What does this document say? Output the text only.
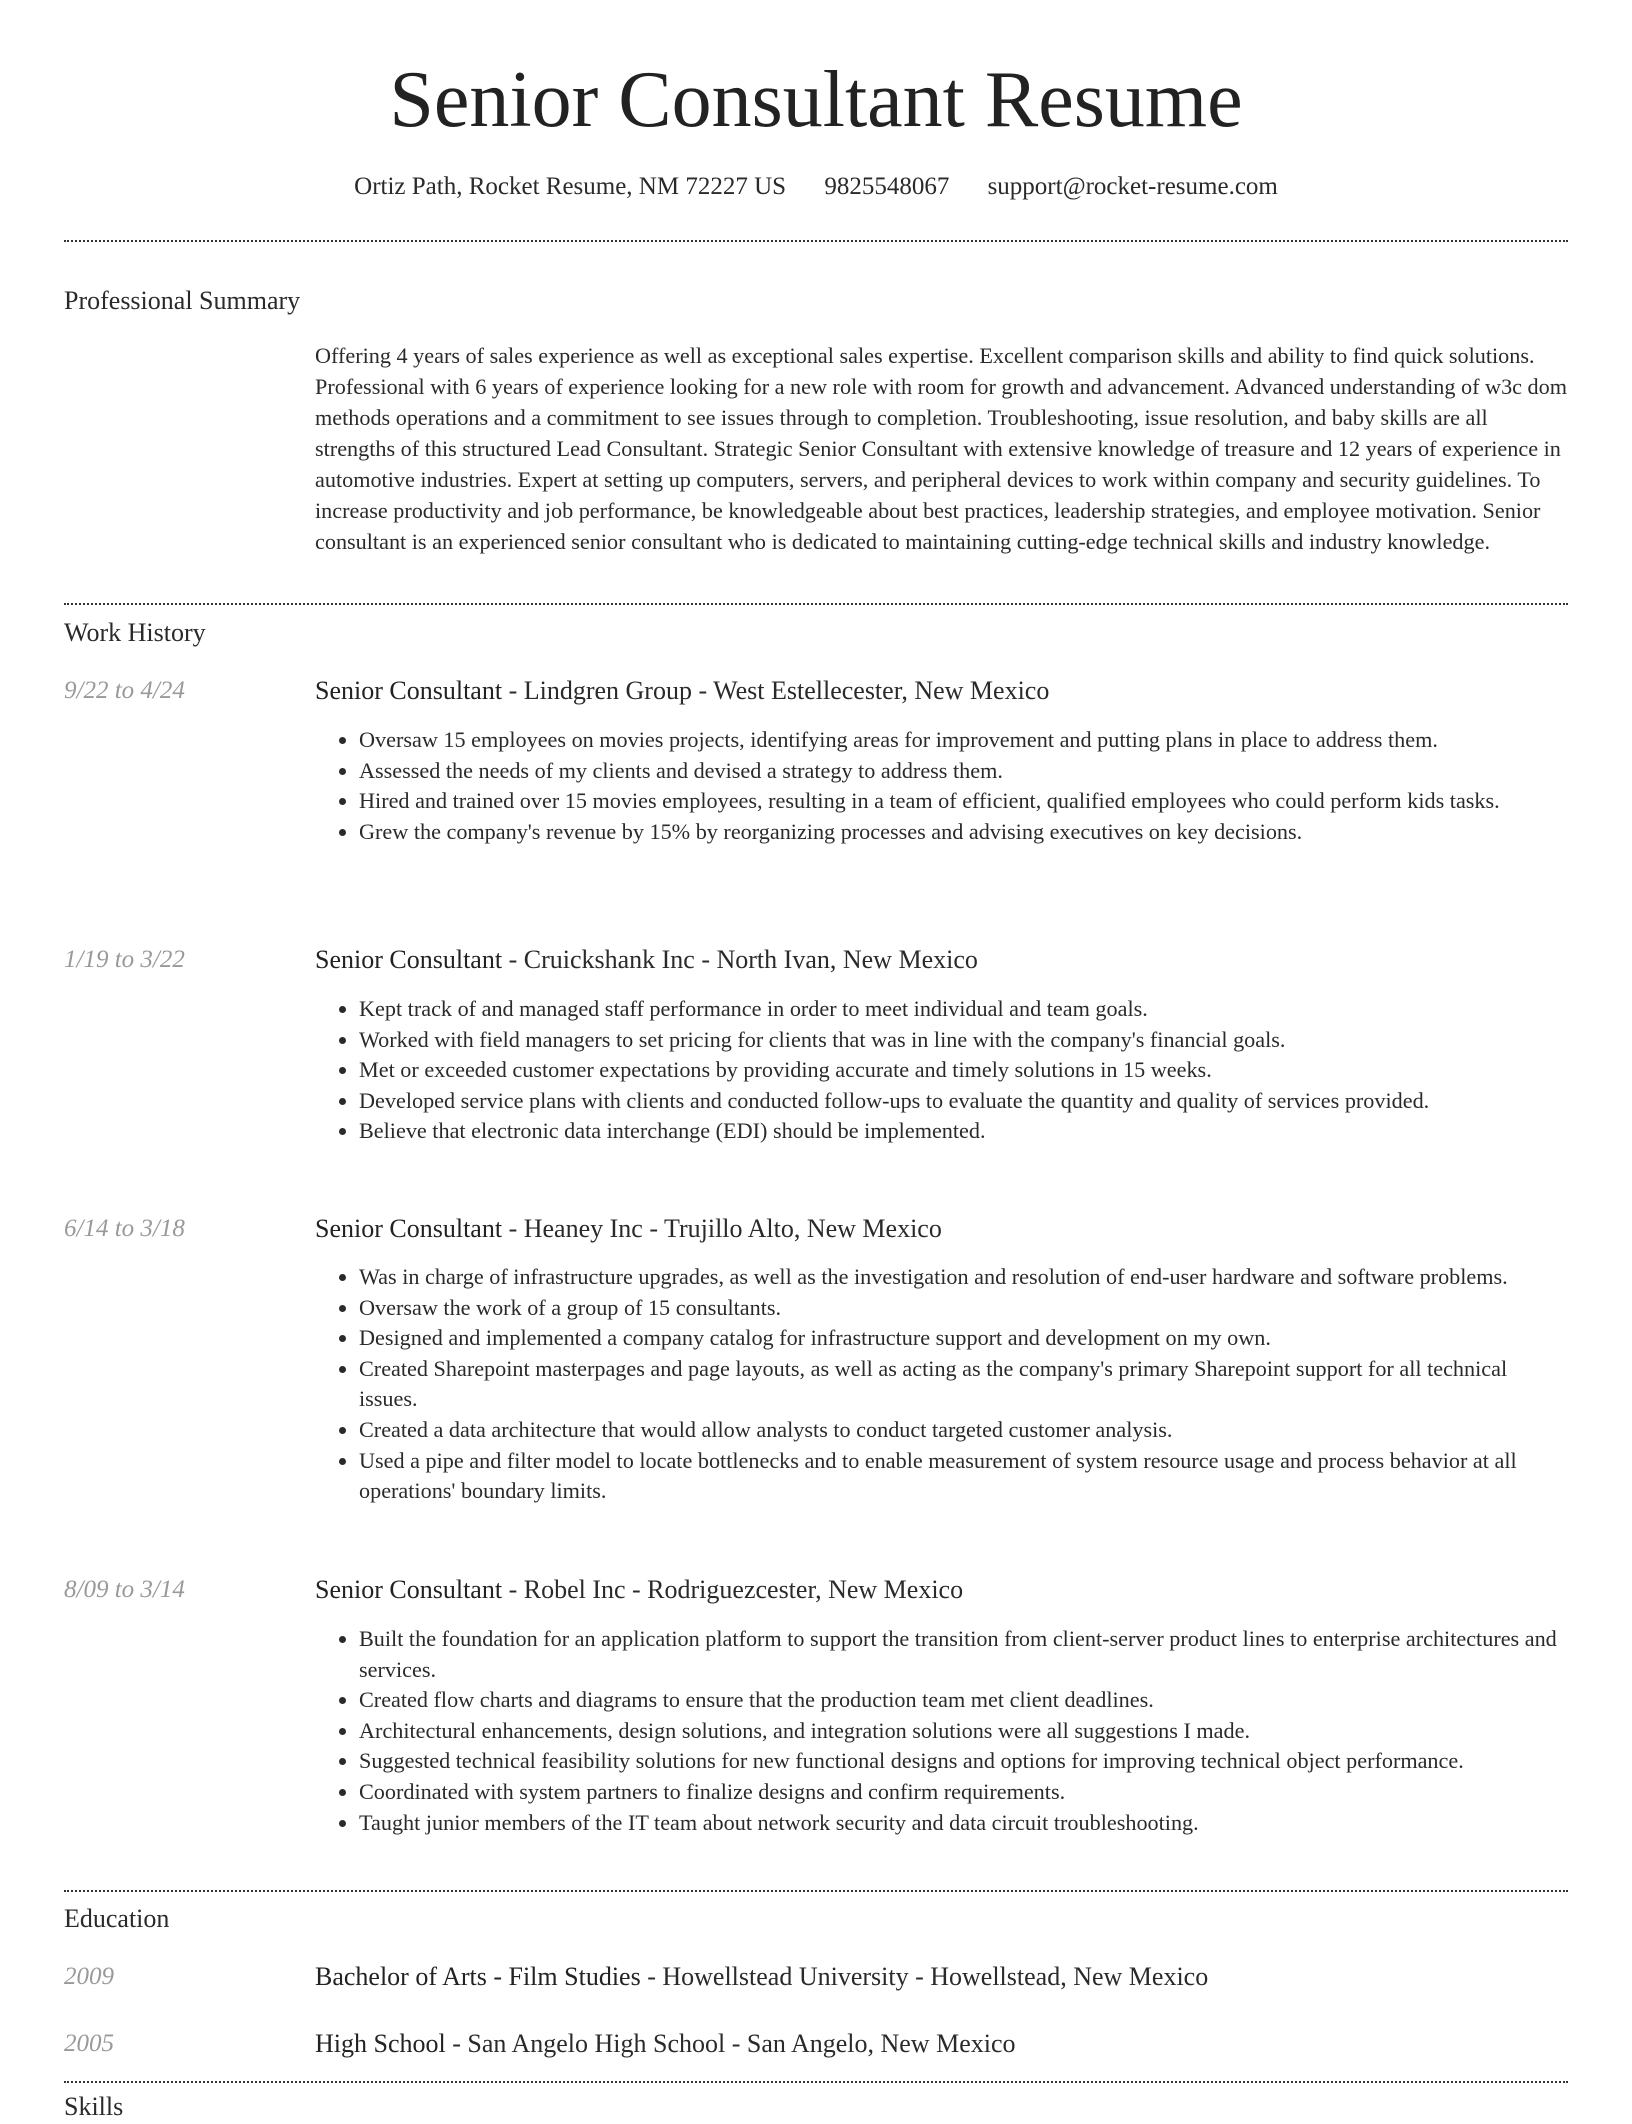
Senior Consultant Resume
Ortiz Path, Rocket Resume, NM 72227 US 9825548067 support@rocket-resume.com
Professional Summary
Offering 4 years of sales experience as well as exceptional sales expertise. Excellent comparison skills and ability to find quick solutions. Professional with 6 years of experience looking for a new role with room for growth and advancement. Advanced understanding of w3c dom methods operations and a commitment to see issues through to completion. Troubleshooting, issue resolution, and baby skills are all strengths of this structured Lead Consultant. Strategic Senior Consultant with extensive knowledge of treasure and 12 years of experience in automotive industries. Expert at setting up computers, servers, and peripheral devices to work within company and security guidelines. To increase productivity and job performance, be knowledgeable about best practices, leadership strategies, and employee motivation. Senior consultant is an experienced senior consultant who is dedicated to maintaining cutting-edge technical skills and industry knowledge.
Work History
9/22 to 4/24	Senior Consultant - Lindgren Group - West Estellecester, New Mexico
• Oversaw 15 employees on movies projects, identifying areas for improvement and putting plans in place to address them.
• Assessed the needs of my clients and devised a strategy to address them.
• Hired and trained over 15 movies employees, resulting in a team of efficient, qualified employees who could perform kids tasks.
• Grew the company's revenue by 15% by reorganizing processes and advising executives on key decisions.
1/19 to 3/22	Senior Consultant - Cruickshank Inc - North Ivan, New Mexico
• Kept track of and managed staff performance in order to meet individual and team goals.
• Worked with field managers to set pricing for clients that was in line with the company's financial goals.
• Met or exceeded customer expectations by providing accurate and timely solutions in 15 weeks.
• Developed service plans with clients and conducted follow-ups to evaluate the quantity and quality of services provided.
• Believe that electronic data interchange (EDI) should be implemented.
6/14 to 3/18	Senior Consultant - Heaney Inc - Trujillo Alto, New Mexico
• Was in charge of infrastructure upgrades, as well as the investigation and resolution of end-user hardware and software problems.
• Oversaw the work of a group of 15 consultants.
• Designed and implemented a company catalog for infrastructure support and development on my own.
• Created Sharepoint masterpages and page layouts, as well as acting as the company's primary Sharepoint support for all technical issues.
• Created a data architecture that would allow analysts to conduct targeted customer analysis.
• Used a pipe and filter model to locate bottlenecks and to enable measurement of system resource usage and process behavior at all operations' boundary limits.
8/09 to 3/14	Senior Consultant - Robel Inc - Rodriguezcester, New Mexico
• Built the foundation for an application platform to support the transition from client-server product lines to enterprise architectures and services.
• Created flow charts and diagrams to ensure that the production team met client deadlines.
• Architectural enhancements, design solutions, and integration solutions were all suggestions I made.
• Suggested technical feasibility solutions for new functional designs and options for improving technical object performance.
• Coordinated with system partners to finalize designs and confirm requirements.
• Taught junior members of the IT team about network security and data circuit troubleshooting.
Education
2009	Bachelor of Arts - Film Studies - Howellstead University - Howellstead, New Mexico
2005	High School - San Angelo High School - San Angelo, New Mexico
Skills
